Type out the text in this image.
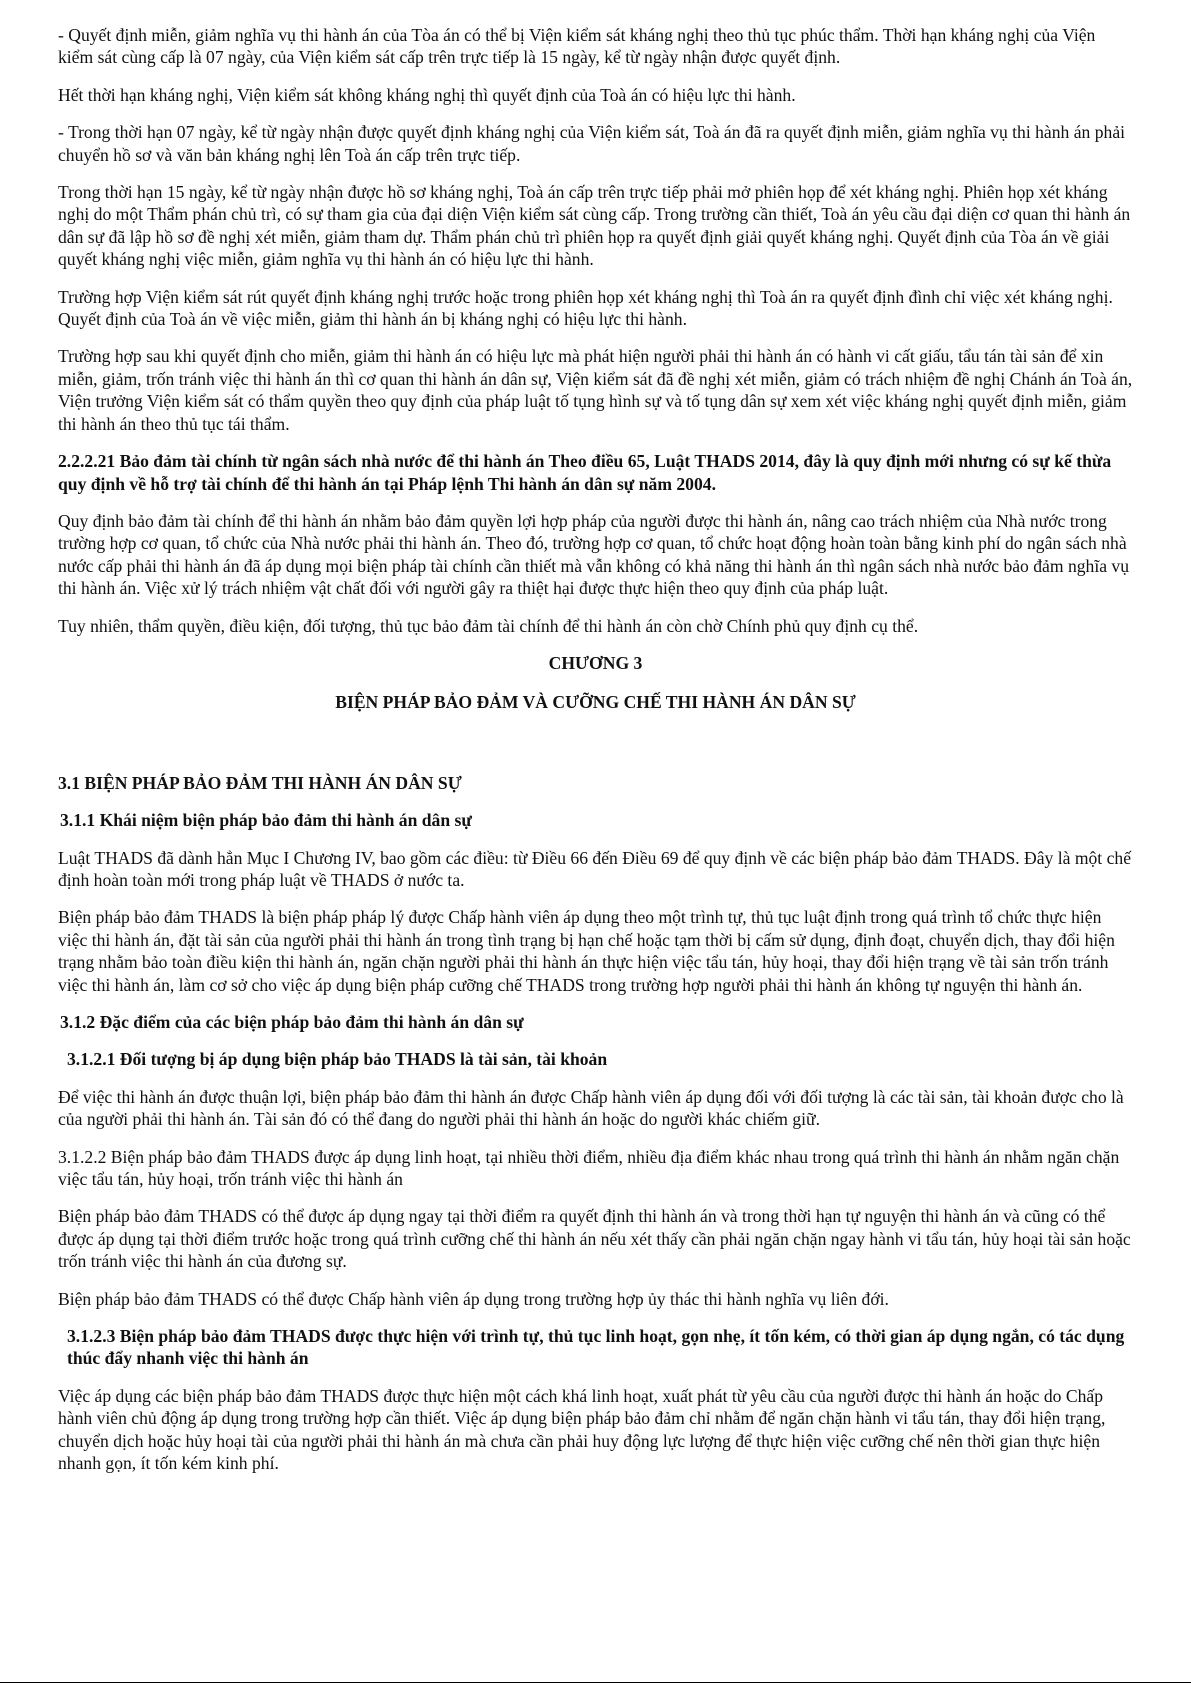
- Quyết định miễn, giảm nghĩa vụ thi hành án của Tòa án có thể bị Viện kiểm sát kháng nghị theo thủ tục phúc thẩm. Thời hạn kháng nghị của Viện kiểm sát cùng cấp là 07 ngày, của Viện kiểm sát cấp trên trực tiếp là 15 ngày, kể từ ngày nhận được quyết định.

Hết thời hạn kháng nghị, Viện kiểm sát không kháng nghị thì quyết định của Toà án có hiệu lực thi hành.

- Trong thời hạn 07 ngày, kể từ ngày nhận được quyết định kháng nghị của Viện kiểm sát, Toà án đã ra quyết định miễn, giảm nghĩa vụ thi hành án phải chuyển hồ sơ và văn bản kháng nghị lên Toà án cấp trên trực tiếp.

Trong thời hạn 15 ngày, kể từ ngày nhận được hồ sơ kháng nghị, Toà án cấp trên trực tiếp phải mở phiên họp để xét kháng nghị. Phiên họp xét kháng nghị do một Thẩm phán chủ trì, có sự tham gia của đại diện Viện kiểm sát cùng cấp. Trong trường cần thiết, Toà án yêu cầu đại diện cơ quan thi hành án dân sự đã lập hồ sơ đề nghị xét miễn, giảm tham dự. Thẩm phán chủ trì phiên họp ra quyết định giải quyết kháng nghị. Quyết định của Tòa án về giải quyết kháng nghị việc miễn, giảm nghĩa vụ thi hành án có hiệu lực thi hành.

Trường hợp Viện kiểm sát rút quyết định kháng nghị trước hoặc trong phiên họp xét kháng nghị thì Toà án ra quyết định đình chỉ việc xét kháng nghị. Quyết định của Toà án về việc miễn, giảm thi hành án bị kháng nghị có hiệu lực thi hành.

Trường hợp sau khi quyết định cho miễn, giảm thi hành án có hiệu lực mà phát hiện người phải thi hành án có hành vi cất giấu, tẩu tán tài sản để xin miễn, giảm, trốn tránh việc thi hành án thì cơ quan thi hành án dân sự, Viện kiểm sát đã đề nghị xét miễn, giảm có trách nhiệm đề nghị Chánh án Toà án, Viện trưởng Viện kiểm sát có thẩm quyền theo quy định của pháp luật tố tụng hình sự và tố tụng dân sự xem xét việc kháng nghị quyết định miễn, giảm thi hành án theo thủ tục tái thẩm.

2.2.2.21 Bảo đảm tài chính từ ngân sách nhà nước để thi hành án Theo điều 65, Luật THADS 2014, đây là quy định mới nhưng có sự kế thừa quy định về hỗ trợ tài chính để thi hành án tại Pháp lệnh Thi hành án dân sự năm 2004.

Quy định bảo đảm tài chính để thi hành án nhằm bảo đảm quyền lợi hợp pháp của người được thi hành án, nâng cao trách nhiệm của Nhà nước trong trường hợp cơ quan, tổ chức của Nhà nước phải thi hành án. Theo đó, trường hợp cơ quan, tổ chức hoạt động hoàn toàn bằng kinh phí do ngân sách nhà nước cấp phải thi hành án đã áp dụng mọi biện pháp tài chính cần thiết mà vẫn không có khả năng thi hành án thì ngân sách nhà nước bảo đảm nghĩa vụ thi hành án. Việc xử lý trách nhiệm vật chất đối với người gây ra thiệt hại được thực hiện theo quy định của pháp luật.

Tuy nhiên, thẩm quyền, điều kiện, đối tượng, thủ tục bảo đảm tài chính để thi hành án còn chờ Chính phủ quy định cụ thể.

CHƯƠNG 3

BIỆN PHÁP BẢO ĐẢM VÀ CƯỠNG CHẾ THI HÀNH ÁN DÂN SỰ

3.1 BIỆN PHÁP BẢO ĐẢM THI HÀNH ÁN DÂN SỰ

3.1.1 Khái niệm biện pháp bảo đảm thi hành án dân sự

Luật THADS đã dành hẳn Mục I Chương IV, bao gồm các điều: từ Điều 66 đến Điều 69 để quy định về các biện pháp bảo đảm THADS. Đây là một chế định hoàn toàn mới trong pháp luật về THADS ở nước ta.

Biện pháp bảo đảm THADS là biện pháp pháp lý được Chấp hành viên áp dụng theo một trình tự, thủ tục luật định trong quá trình tổ chức thực hiện việc thi hành án, đặt tài sản của người phải thi hành án trong tình trạng bị hạn chế hoặc tạm thời bị cấm sử dụng, định đoạt, chuyển dịch, thay đổi hiện trạng nhằm bảo toàn điều kiện thi hành án, ngăn chặn người phải thi hành án thực hiện việc tẩu tán, hủy hoại, thay đổi hiện trạng về tài sản trốn tránh việc thi hành án, làm cơ sở cho việc áp dụng biện pháp cưỡng chế THADS trong trường hợp người phải thi hành án không tự nguyện thi hành án.

3.1.2 Đặc điểm của các biện pháp bảo đảm thi hành án dân sự

3.1.2.1 Đối tượng bị áp dụng biện pháp bảo THADS là tài sản, tài khoản

Để việc thi hành án được thuận lợi, biện pháp bảo đảm thi hành án được Chấp hành viên áp dụng đối với đối tượng là các tài sản, tài khoản được cho là của người phải thi hành án. Tài sản đó có thể đang do người phải thi hành án hoặc do người khác chiếm giữ.

3.1.2.2 Biện pháp bảo đảm THADS được áp dụng linh hoạt, tại nhiều thời điểm, nhiều địa điểm khác nhau trong quá trình thi hành án nhằm ngăn chặn việc tẩu tán, hủy hoại, trốn tránh việc thi hành án

Biện pháp bảo đảm THADS có thể được áp dụng ngay tại thời điểm ra quyết định thi hành án và trong thời hạn tự nguyện thi hành án và cũng có thể được áp dụng tại thời điểm trước hoặc trong quá trình cưỡng chế thi hành án nếu xét thấy cần phải ngăn chặn ngay hành vi tẩu tán, hủy hoại tài sản hoặc trốn tránh việc thi hành án của đương sự.

Biện pháp bảo đảm THADS có thể được Chấp hành viên áp dụng trong trường hợp ủy thác thi hành nghĩa vụ liên đới.

3.1.2.3 Biện pháp bảo đảm THADS được thực hiện với trình tự, thủ tục linh hoạt, gọn nhẹ, ít tốn kém, có thời gian áp dụng ngắn, có tác dụng thúc đẩy nhanh việc thi hành án

Việc áp dụng các biện pháp bảo đảm THADS được thực hiện một cách khá linh hoạt, xuất phát từ yêu cầu của người được thi hành án hoặc do Chấp hành viên chủ động áp dụng trong trường hợp cần thiết. Việc áp dụng biện pháp bảo đảm chỉ nhằm để ngăn chặn hành vi tẩu tán, thay đổi hiện trạng, chuyển dịch hoặc hủy hoại tài của người phải thi hành án mà chưa cần phải huy động lực lượng để thực hiện việc cưỡng chế nên thời gian thực hiện nhanh gọn, ít tốn kém kinh phí.
